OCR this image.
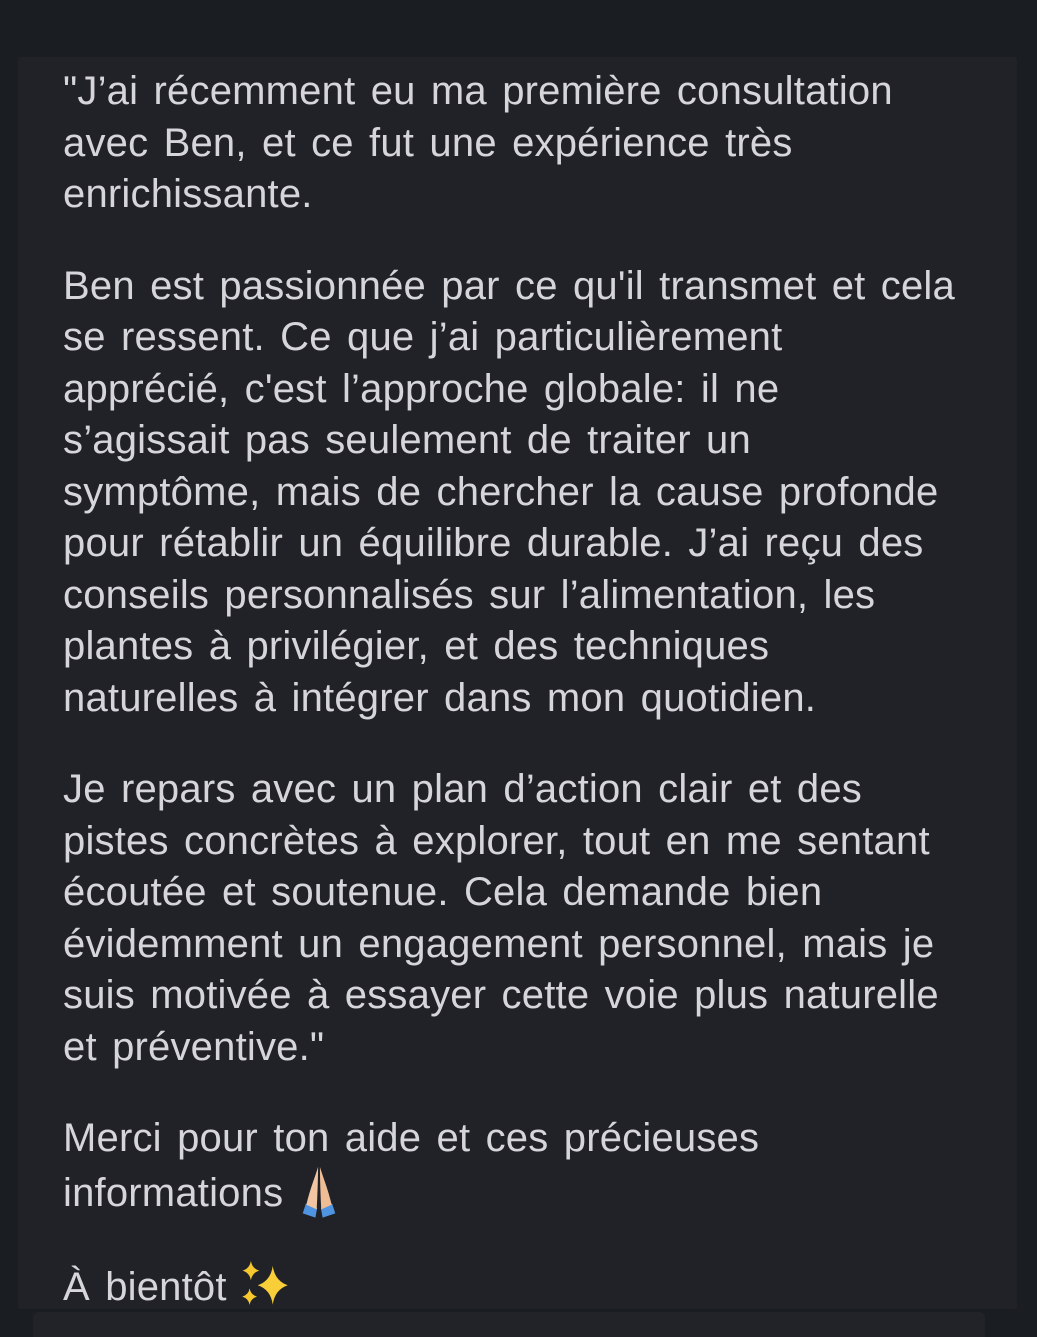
"J’ai récemment eu ma première consultation
avec Ben, et ce fut une expérience très
enrichissante.
Ben est passionnée par ce qu'il transmet et cela
se ressent. Ce que j’ai particulièrement
apprécié, c'est l’approche globale: il ne
s’agissait pas seulement de traiter un
symptôme, mais de chercher la cause profonde
pour rétablir un équilibre durable. J’ai reçu des
conseils personnalisés sur l’alimentation, les
plantes à privilégier, et des techniques
naturelles à intégrer dans mon quotidien.
Je repars avec un plan d’action clair et des
pistes concrètes à explorer, tout en me sentant
écoutée et soutenue. Cela demande bien
évidemment un engagement personnel, mais je
suis motivée à essayer cette voie plus naturelle
et préventive."
Merci pour ton aide et ces précieuses
informations
À bientôt
